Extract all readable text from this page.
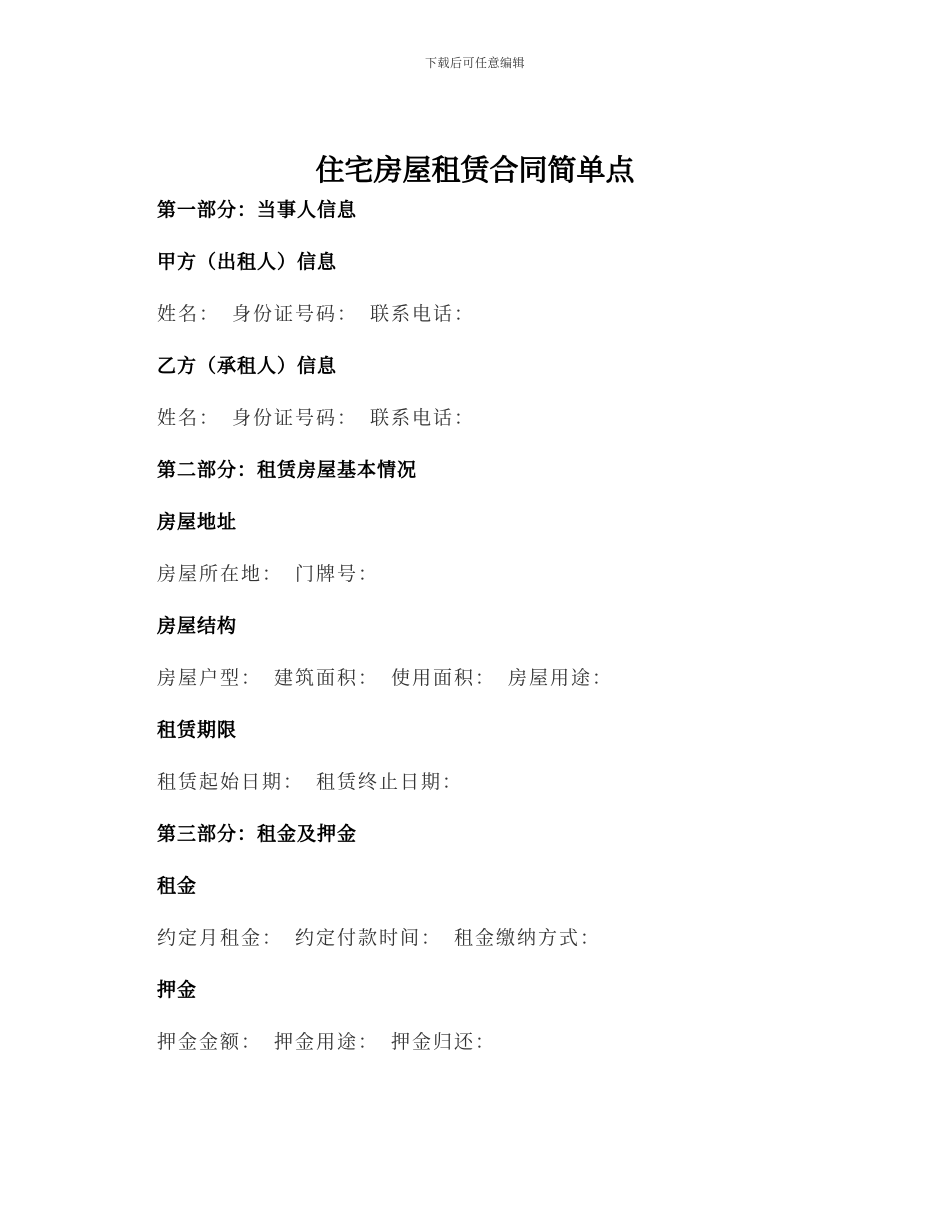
下载后可任意编辑
住宅房屋租赁合同简单点
第一部分：当事人信息
甲方（出租人）信息
姓名： 身份证号码： 联系电话：
乙方（承租人）信息
姓名： 身份证号码： 联系电话：
第二部分：租赁房屋基本情况
房屋地址
房屋所在地： 门牌号：
房屋结构
房屋户型： 建筑面积： 使用面积： 房屋用途：
租赁期限
租赁起始日期： 租赁终止日期：
第三部分：租金及押金
租金
约定月租金： 约定付款时间： 租金缴纳方式：
押金
押金金额： 押金用途： 押金归还：
